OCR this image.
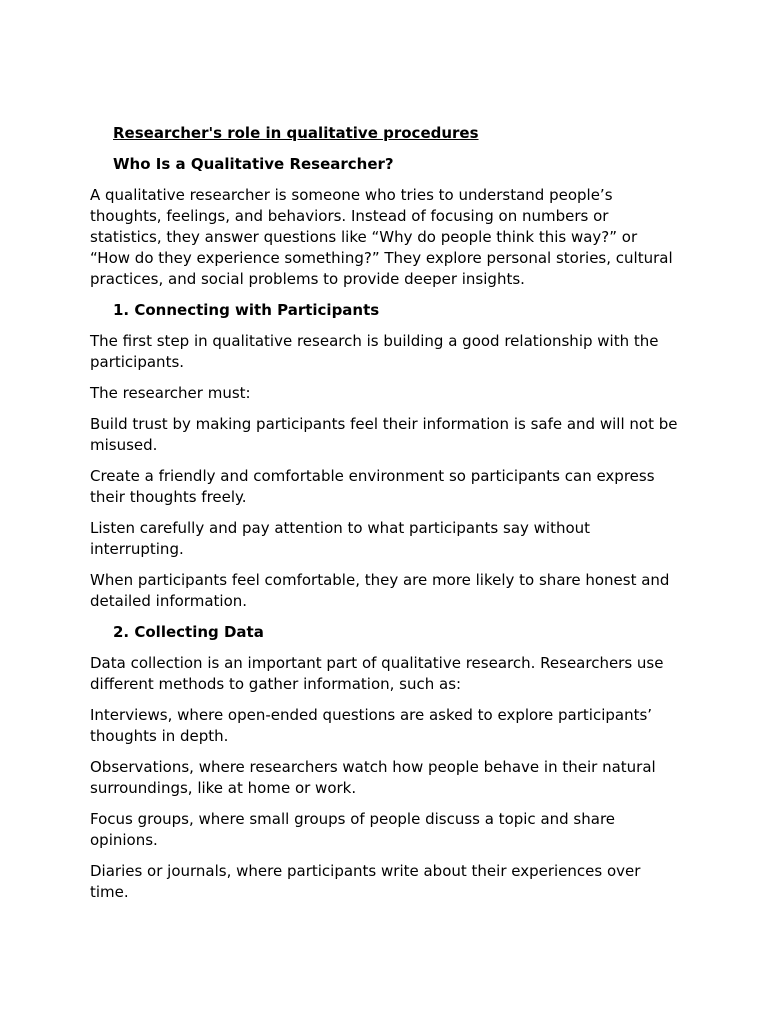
Researcher's role in qualitative procedures

Who Is a Qualitative Researcher?

A qualitative researcher is someone who tries to understand people’s thoughts, feelings, and behaviors. Instead of focusing on numbers or statistics, they answer questions like “Why do people think this way?” or “How do they experience something?” They explore personal stories, cultural practices, and social problems to provide deeper insights.

1. Connecting with Participants

The first step in qualitative research is building a good relationship with the participants.

The researcher must:

Build trust by making participants feel their information is safe and will not be misused.

Create a friendly and comfortable environment so participants can express their thoughts freely.

Listen carefully and pay attention to what participants say without interrupting.

When participants feel comfortable, they are more likely to share honest and detailed information.

2. Collecting Data

Data collection is an important part of qualitative research. Researchers use different methods to gather information, such as:

Interviews, where open-ended questions are asked to explore participants’ thoughts in depth.

Observations, where researchers watch how people behave in their natural surroundings, like at home or work.

Focus groups, where small groups of people discuss a topic and share opinions.

Diaries or journals, where participants write about their experiences over time.
